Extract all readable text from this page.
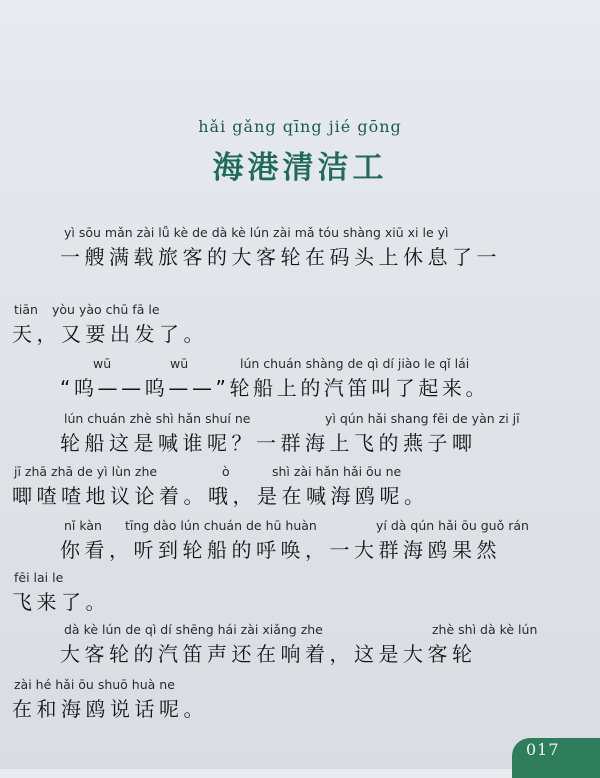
hǎi gǎng qīng jié gōng
海港清洁工
yì sōu mǎn zài lǚ kè de dà kè lún zài mǎ tóu shàng xiū xi le yì
一艘满载旅客的大客轮在码头上休息了一
tiān yòu yào chū fā le
天，又要出发了。
wū	wū	lún chuán shàng de qì dí jiào le qǐ lái
“呜——呜——”轮船上的汽笛叫了起来。
lún chuán zhè shì hǎn shuí ne	yì qún hǎi shang fēi de yàn zi jī
轮船这是喊谁呢？一群海上飞的燕子唧
jī zhā zhā de yì lùn zhe	ò	shì zài hǎn hǎi ōu ne
唧喳喳地议论着。哦，是在喊海鸥呢。
nǐ kàn tīng dào lún chuán de hū huàn	yí dà qún hǎi ōu guǒ rán
你看，听到轮船的呼唤，一大群海鸥果然
fēi lai le
飞来了。
dà kè lún de qì dí shēng hái zài xiǎng zhe	zhè shì dà kè lún
大客轮的汽笛声还在响着，这是大客轮
zài hé hǎi ōu shuō huà ne
在和海鸥说话呢。
017
